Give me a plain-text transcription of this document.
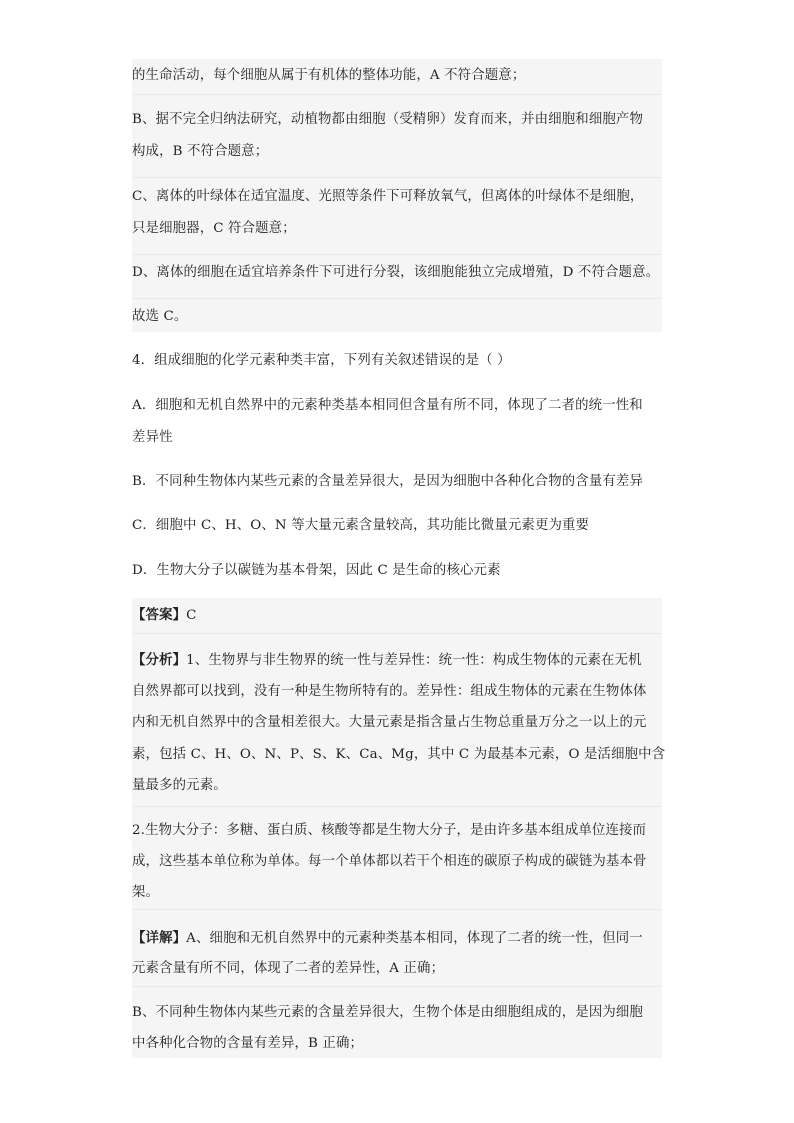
的生命活动，每个细胞从属于有机体的整体功能，A 不符合题意；
B、据不完全归纳法研究，动植物都由细胞（受精卵）发育而来，并由细胞和细胞产物
构成，B 不符合题意；
C、离体的叶绿体在适宜温度、光照等条件下可释放氧气，但离体的叶绿体不是细胞，
只是细胞器，C 符合题意；
D、离体的细胞在适宜培养条件下可进行分裂，该细胞能独立完成增殖，D 不符合题意。
故选 C。
4．组成细胞的化学元素种类丰富，下列有关叙述错误的是（ ）
A．细胞和无机自然界中的元素种类基本相同但含量有所不同，体现了二者的统一性和
差异性
B．不同种生物体内某些元素的含量差异很大，是因为细胞中各种化合物的含量有差异
C．细胞中 C、H、O、N 等大量元素含量较高，其功能比微量元素更为重要
D．生物大分子以碳链为基本骨架，因此 C 是生命的核心元素
【答案】C
【分析】1、生物界与非生物界的统一性与差异性：统一性：构成生物体的元素在无机
自然界都可以找到，没有一种是生物所特有的。差异性：组成生物体的元素在生物体体
内和无机自然界中的含量相差很大。大量元素是指含量占生物总重量万分之一以上的元
素，包括 C、H、O、N、P、S、K、Ca、Mg，其中 C 为最基本元素，O 是活细胞中含
量最多的元素。
2.生物大分子：多糖、蛋白质、核酸等都是生物大分子，是由许多基本组成单位连接而
成，这些基本单位称为单体。每一个单体都以若干个相连的碳原子构成的碳链为基本骨
架。
【详解】A、细胞和无机自然界中的元素种类基本相同，体现了二者的统一性，但同一
元素含量有所不同，体现了二者的差异性，A 正确；
B、不同种生物体内某些元素的含量差异很大，生物个体是由细胞组成的，是因为细胞
中各种化合物的含量有差异，B 正确；
